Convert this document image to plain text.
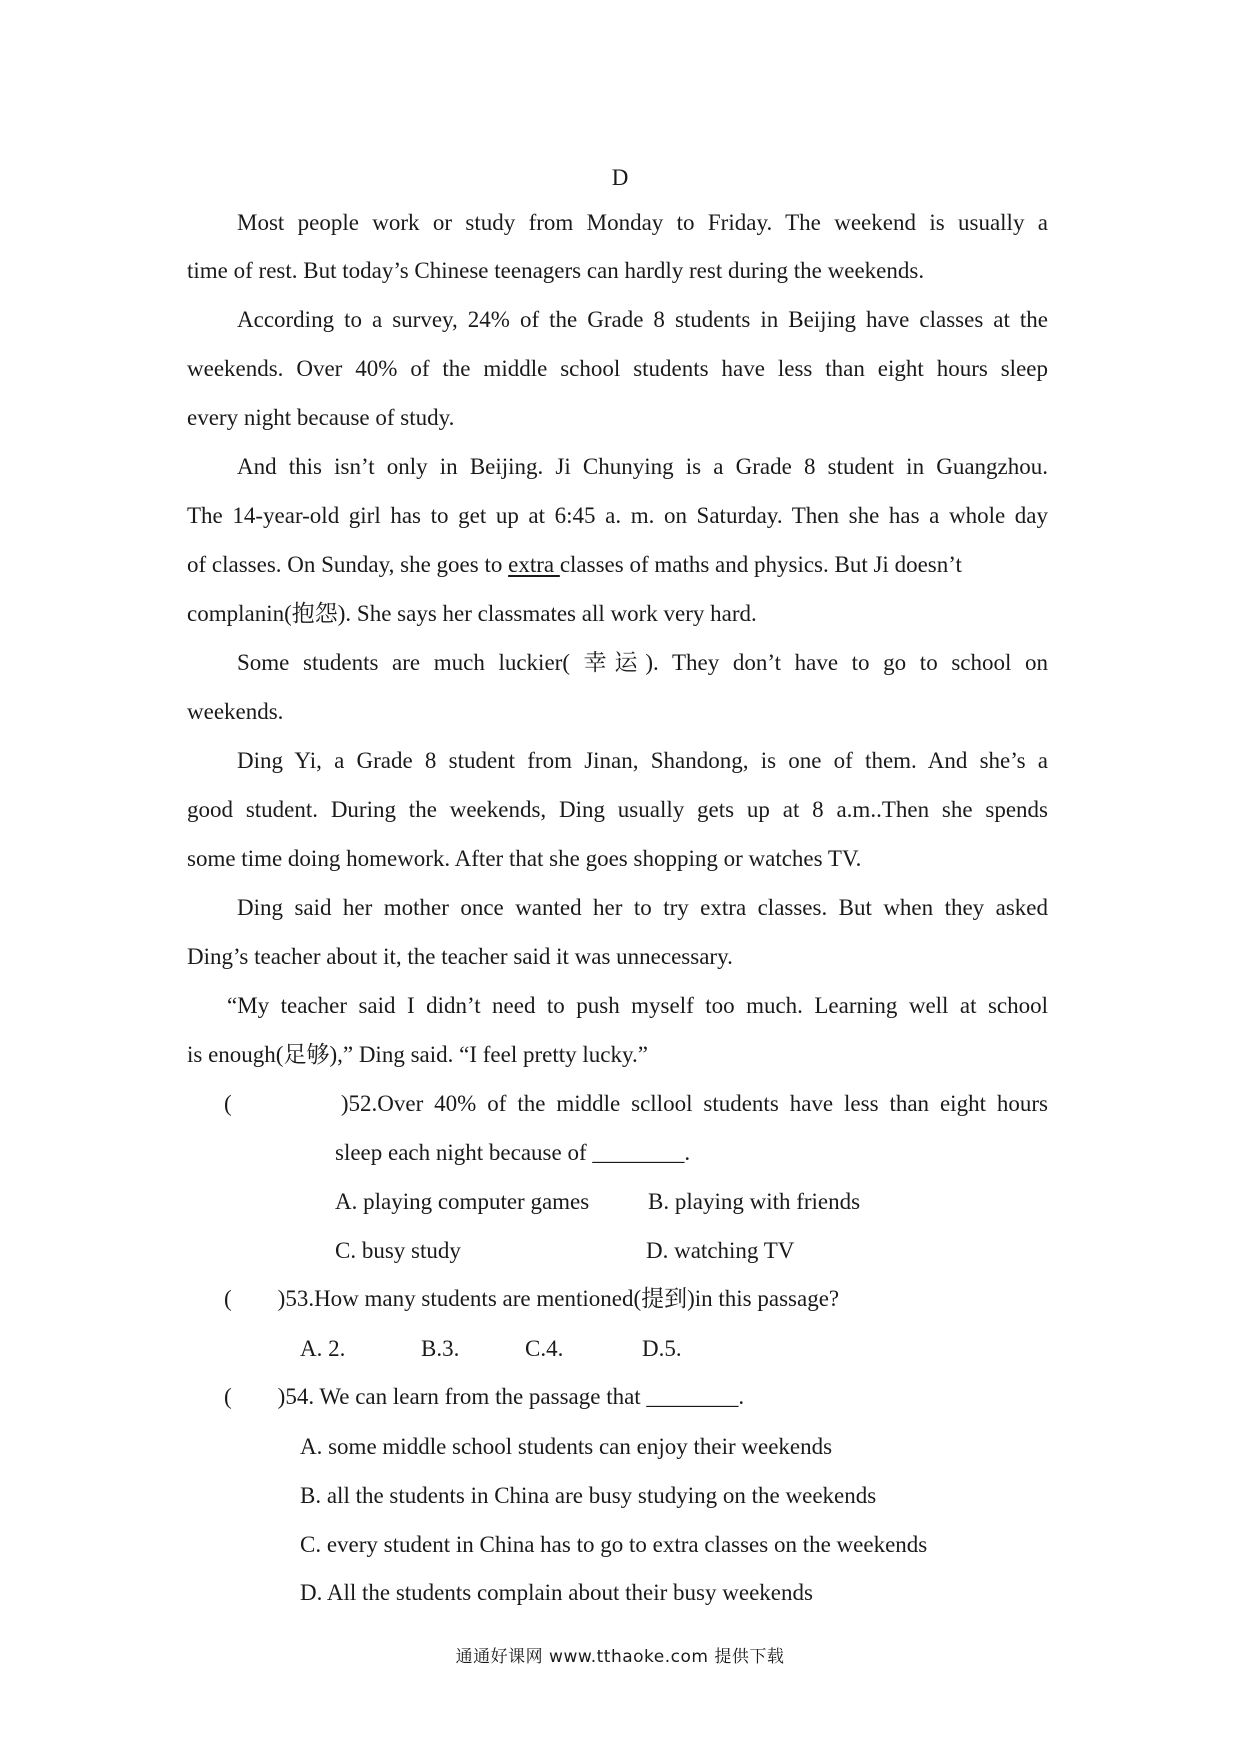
D
Most people work or study from Monday to Friday. The weekend is usually a
time of rest. But today’s Chinese teenagers can hardly rest during the weekends.
According to a survey, 24% of the Grade 8 students in Beijing have classes at the
weekends. Over 40% of the middle school students have less than eight hours sleep
every night because of study.
And this isn’t only in Beijing. Ji Chunying is a Grade 8 student in Guangzhou.
The 14-year-old girl has to get up at 6:45 a. m. on Saturday. Then she has a whole day
of classes. On Sunday, she goes to extra classes of maths and physics. But Ji doesn’t
complanin(抱怨). She says her classmates all work very hard.
Some students are much luckier( 幸运). They don’t have to go to school on
weekends.
Ding Yi, a Grade 8 student from Jinan, Shandong, is one of them. And she’s a
good student. During the weekends, Ding usually gets up at 8 a.m..Then she spends
some time doing homework. After that she goes shopping or watches TV.
Ding said her mother once wanted her to try extra classes. But when they asked
Ding’s teacher about it, the teacher said it was unnecessary.
“My teacher said I didn’t need to push myself too much. Learning well at school
is enough(足够),” Ding said. “I feel pretty lucky.”
(          )52.Over 40% of the middle scllool students have less than eight hours
sleep each night because of ________.
A. playing computer games	B. playing with friends
C. busy study	D. watching TV
(        )53.How many students are mentioned(提到)in this passage?
A. 2.	B.3.	C.4.	D.5.
(        )54. We can learn from the passage that ________.
A. some middle school students can enjoy their weekends
B. all the students in China are busy studying on the weekends
C. every student in China has to go to extra classes on the weekends
D. All the students complain about their busy weekends
通通好课网 www.tthaoke.com 提供下载
